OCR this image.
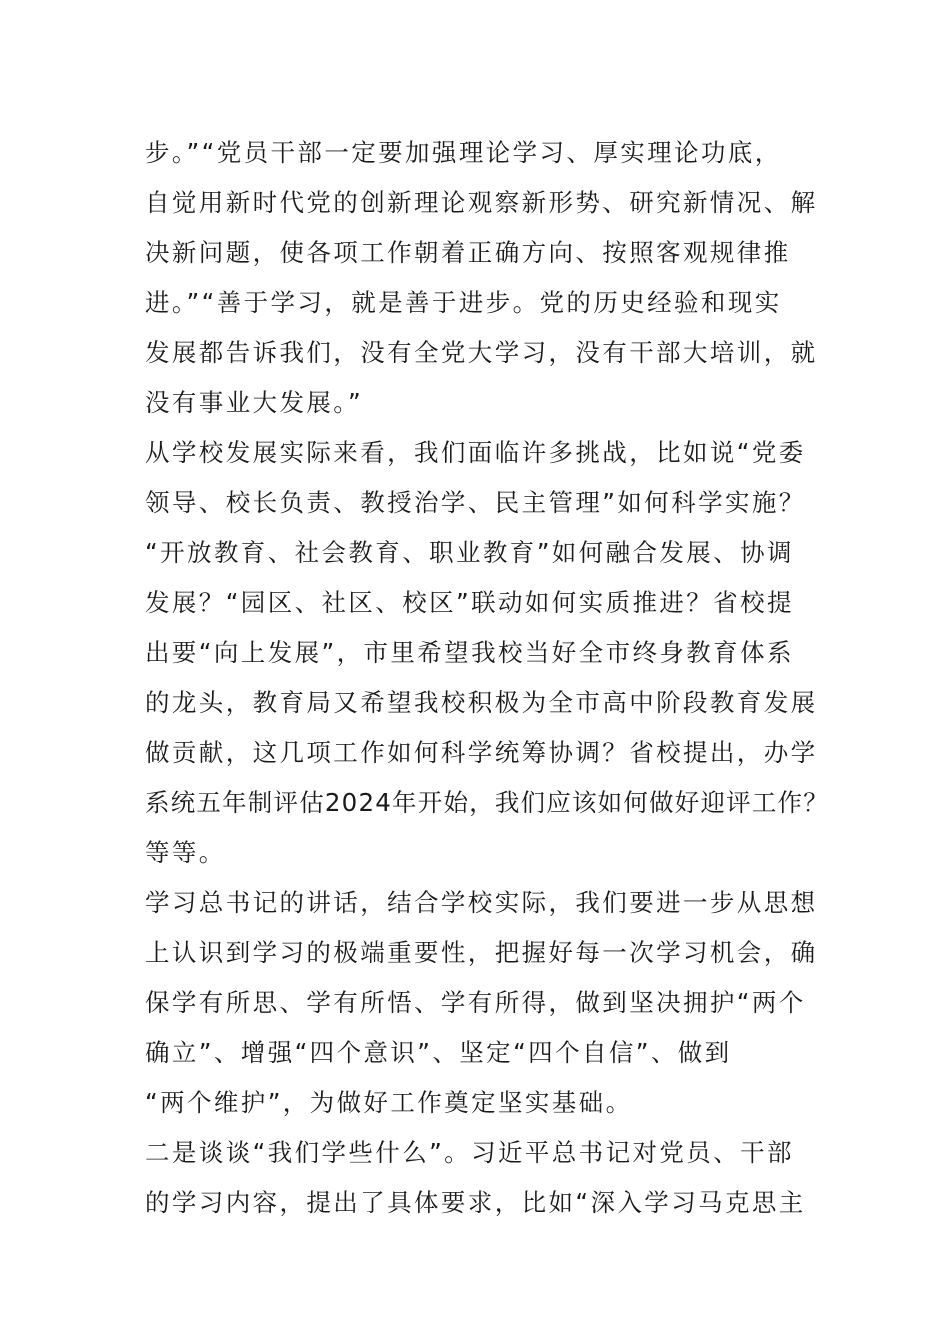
步。”“党员干部一定要加强理论学习、厚实理论功底，
自觉用新时代党的创新理论观察新形势、研究新情况、解
决新问题，使各项工作朝着正确方向、按照客观规律推
进。”“善于学习，就是善于进步。党的历史经验和现实
发展都告诉我们，没有全党大学习，没有干部大培训，就
没有事业大发展。”
从学校发展实际来看，我们面临许多挑战，比如说“党委
领导、校长负责、教授治学、民主管理”如何科学实施？
“开放教育、社会教育、职业教育”如何融合发展、协调
发展？“园区、社区、校区”联动如何实质推进？省校提
出要“向上发展”，市里希望我校当好全市终身教育体系
的龙头，教育局又希望我校积极为全市高中阶段教育发展
做贡献，这几项工作如何科学统筹协调？省校提出，办学
系统五年制评估2024年开始，我们应该如何做好迎评工作？
等等。
学习总书记的讲话，结合学校实际，我们要进一步从思想
上认识到学习的极端重要性，把握好每一次学习机会，确
保学有所思、学有所悟、学有所得，做到坚决拥护“两个
确立”、增强“四个意识”、坚定“四个自信”、做到
“两个维护”，为做好工作奠定坚实基础。
二是谈谈“我们学些什么”。习近平总书记对党员、干部
的学习内容，提出了具体要求，比如“深入学习马克思主
